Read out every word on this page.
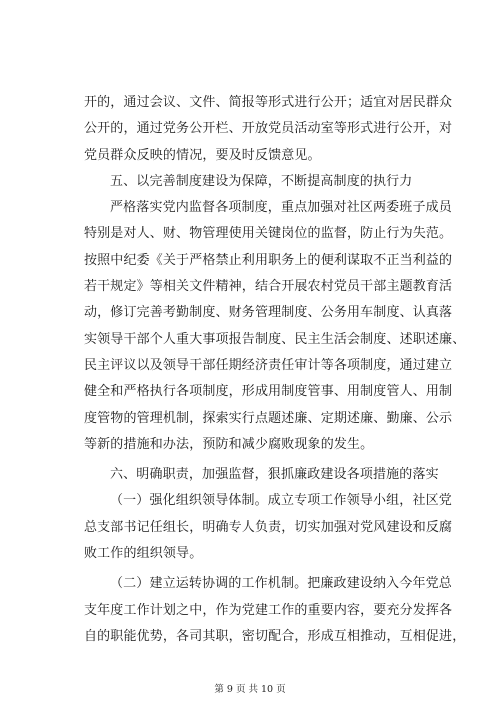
开的，通过会议、文件、简报等形式进行公开；适宜对居民群众
公开的，通过党务公开栏、开放党员活动室等形式进行公开，对
党员群众反映的情况，要及时反馈意见。
五、以完善制度建设为保障，不断提高制度的执行力
严格落实党内监督各项制度，重点加强对社区两委班子成员
特别是对人、财、物管理使用关键岗位的监督，防止行为失范。
按照中纪委《关于严格禁止利用职务上的便利谋取不正当利益的
若干规定》等相关文件精神，结合开展农村党员干部主题教育活
动，修订完善考勤制度、财务管理制度、公务用车制度、认真落
实领导干部个人重大事项报告制度、民主生活会制度、述职述廉、
民主评议以及领导干部任期经济责任审计等各项制度，通过建立
健全和严格执行各项制度，形成用制度管事、用制度管人、用制
度管物的管理机制，探索实行点题述廉、定期述廉、勤廉、公示
等新的措施和办法，预防和减少腐败现象的发生。
六、明确职责，加强监督，狠抓廉政建设各项措施的落实
（一）强化组织领导体制。成立专项工作领导小组，社区党
总支部书记任组长，明确专人负责，切实加强对党风建设和反腐
败工作的组织领导。
（二）建立运转协调的工作机制。把廉政建设纳入今年党总
支年度工作计划之中，作为党建工作的重要内容，要充分发挥各
自的职能优势，各司其职，密切配合，形成互相推动，互相促进，
第 9 页 共 10 页
